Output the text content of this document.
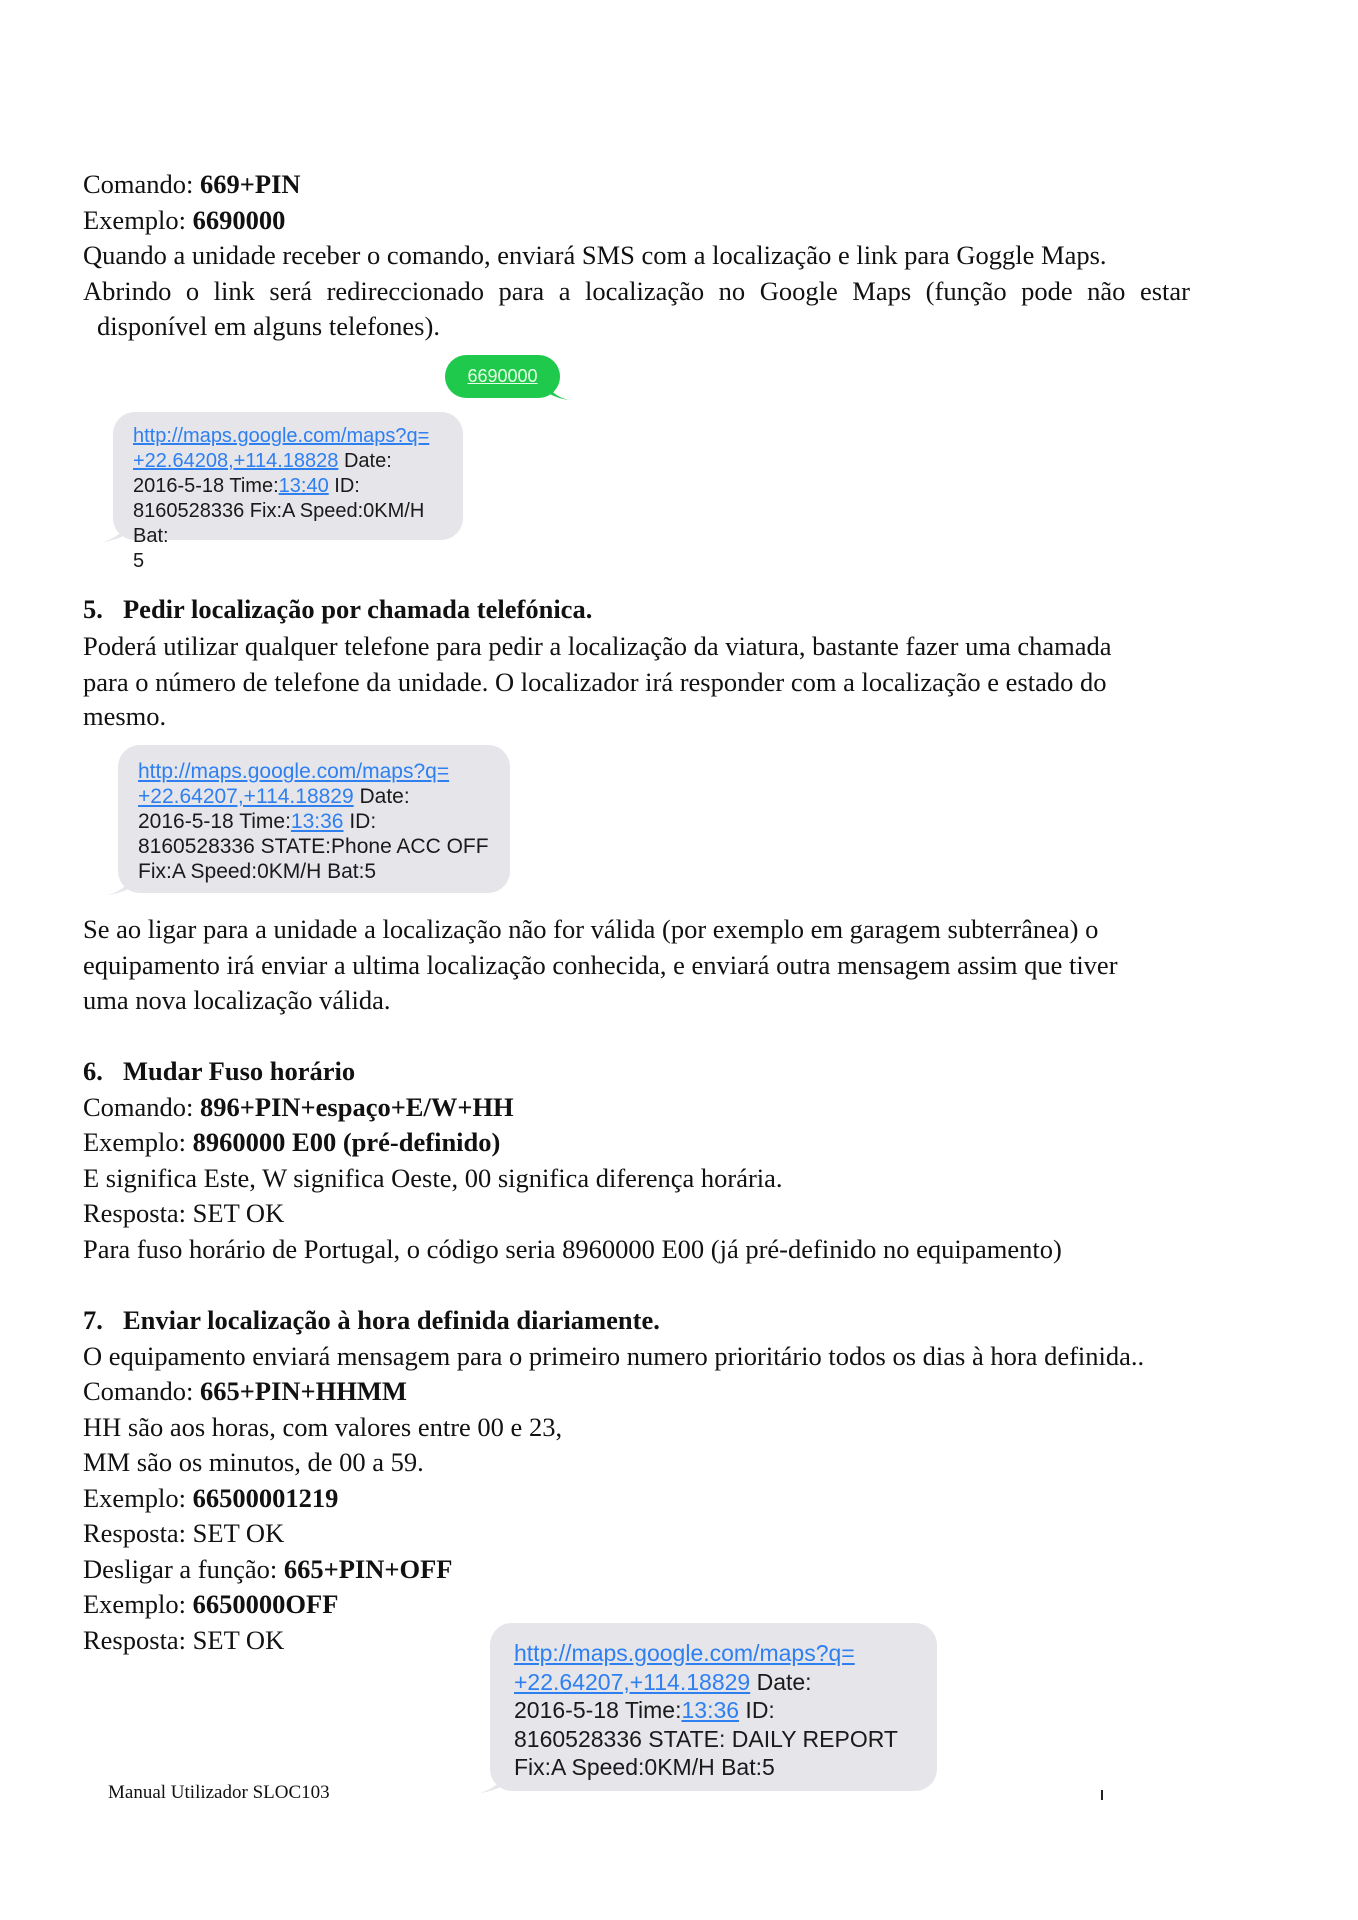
Comando: 669+PIN
Exemplo: 6690000
Quando a unidade receber o comando, enviará SMS com a localização e link para Goggle Maps.
Abrindo o link será redireccionado para a localização no Google Maps (função pode não estar
disponível em alguns telefones).
6690000
http://maps.google.com/maps?q=
+22.64208,+114.18828 Date:
2016-5-18 Time:13:40 ID:
8160528336 Fix:A Speed:0KM/H Bat:
5
5. Pedir localização por chamada telefónica.
Poderá utilizar qualquer telefone para pedir a localização da viatura, bastante fazer uma chamada
para o número de telefone da unidade. O localizador irá responder com a localização e estado do
mesmo.
http://maps.google.com/maps?q=
+22.64207,+114.18829 Date:
2016-5-18 Time:13:36 ID:
8160528336 STATE:Phone ACC OFF
Fix:A Speed:0KM/H Bat:5
Se ao ligar para a unidade a localização não for válida (por exemplo em garagem subterrânea) o
equipamento irá enviar a ultima localização conhecida, e enviará outra mensagem assim que tiver
uma nova localização válida.
6. Mudar Fuso horário
Comando: 896+PIN+espaço+E/W+HH
Exemplo: 8960000 E00 (pré-definido)
E significa Este, W significa Oeste, 00 significa diferença horária.
Resposta: SET OK
Para fuso horário de Portugal, o código seria 8960000 E00 (já pré-definido no equipamento)
7. Enviar localização à hora definida diariamente.
O equipamento enviará mensagem para o primeiro numero prioritário todos os dias à hora definida..
Comando: 665+PIN+HHMM
HH são aos horas, com valores entre 00 e 23,
MM são os minutos, de 00 a 59.
Exemplo: 66500001219
Resposta: SET OK
Desligar a função: 665+PIN+OFF
Exemplo: 6650000OFF
Resposta: SET OK	http://maps.google.com/maps?q=
+22.64207,+114.18829 Date:
2016-5-18 Time:13:36 ID:
8160528336 STATE: DAILY REPORT
Fix:A Speed:0KM/H Bat:5
Manual Utilizador SLOC103
